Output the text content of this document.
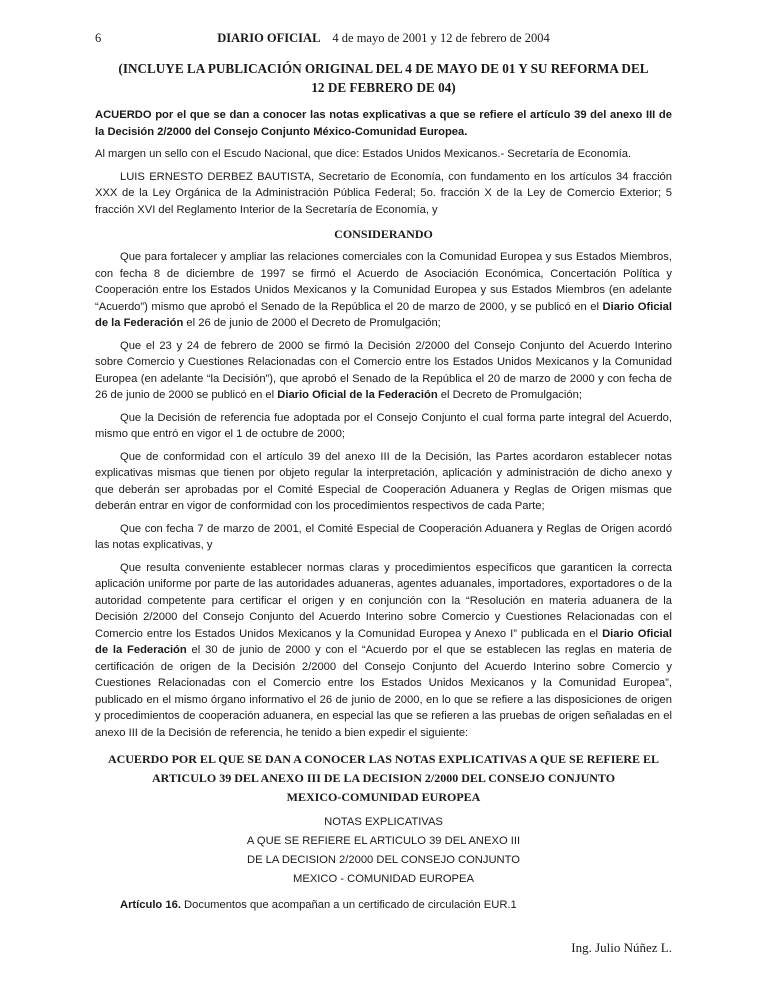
6	DIARIO OFICIAL 4 de mayo de 2001 y 12 de febrero de 2004
(INCLUYE LA PUBLICACIÓN ORIGINAL DEL 4 DE MAYO DE 01 Y SU REFORMA DEL 12 DE FEBRERO DE 04)

ACUERDO por el que se dan a conocer las notas explicativas a que se refiere el artículo 39 del anexo III de la Decisión 2/2000 del Consejo Conjunto México-Comunidad Europea.

Al margen un sello con el Escudo Nacional, que dice: Estados Unidos Mexicanos.- Secretaría de Economía.

LUIS ERNESTO DERBEZ BAUTISTA, Secretario de Economía, con fundamento en los artículos 34 fracción XXX de la Ley Orgánica de la Administración Pública Federal; 5o. fracción X de la Ley de Comercio Exterior; 5 fracción XVI del Reglamento Interior de la Secretaría de Economía, y

CONSIDERANDO

Que para fortalecer y ampliar las relaciones comerciales con la Comunidad Europea y sus Estados Miembros, con fecha 8 de diciembre de 1997 se firmó el Acuerdo de Asociación Económica, Concertación Política y Cooperación entre los Estados Unidos Mexicanos y la Comunidad Europea y sus Estados Miembros (en adelante “Acuerdo”) mismo que aprobó el Senado de la República el 20 de marzo de 2000, y se publicó en el Diario Oficial de la Federación el 26 de junio de 2000 el Decreto de Promulgación;

Que el 23 y 24 de febrero de 2000 se firmó la Decisión 2/2000 del Consejo Conjunto del Acuerdo Interino sobre Comercio y Cuestiones Relacionadas con el Comercio entre los Estados Unidos Mexicanos y la Comunidad Europea (en adelante “la Decisión”), que aprobó el Senado de la República el 20 de marzo de 2000 y con fecha de 26 de junio de 2000 se publicó en el Diario Oficial de la Federación el Decreto de Promulgación;

Que la Decisión de referencia fue adoptada por el Consejo Conjunto el cual forma parte integral del Acuerdo, mismo que entró en vigor el 1 de octubre de 2000;

Que de conformidad con el artículo 39 del anexo III de la Decisión, las Partes acordaron establecer notas explicativas mismas que tienen por objeto regular la interpretación, aplicación y administración de dicho anexo y que deberán ser aprobadas por el Comité Especial de Cooperación Aduanera y Reglas de Origen mismas que deberán entrar en vigor de conformidad con los procedimientos respectivos de cada Parte;

Que con fecha 7 de marzo de 2001, el Comité Especial de Cooperación Aduanera y Reglas de Origen acordó las notas explicativas, y

Que resulta conveniente establecer normas claras y procedimientos específicos que garanticen la correcta aplicación uniforme por parte de las autoridades aduaneras, agentes aduanales, importadores, exportadores o de la autoridad competente para certificar el origen y en conjunción con la “Resolución en materia aduanera de la Decisión 2/2000 del Consejo Conjunto del Acuerdo Interino sobre Comercio y Cuestiones Relacionadas con el Comercio entre los Estados Unidos Mexicanos y la Comunidad Europea y Anexo I” publicada en el Diario Oficial de la Federación el 30 de junio de 2000 y con el “Acuerdo por el que se establecen las reglas en materia de certificación de origen de la Decisión 2/2000 del Consejo Conjunto del Acuerdo Interino sobre Comercio y Cuestiones Relacionadas con el Comercio entre los Estados Unidos Mexicanos y la Comunidad Europea”, publicado en el mismo órgano informativo el 26 de junio de 2000, en lo que se refiere a las disposiciones de origen y procedimientos de cooperación aduanera, en especial las que se refieren a las pruebas de origen señaladas en el anexo III de la Decisión de referencia, he tenido a bien expedir el siguiente:

ACUERDO POR EL QUE SE DAN A CONOCER LAS NOTAS EXPLICATIVAS A QUE SE REFIERE EL
ARTICULO 39 DEL ANEXO III DE LA DECISION 2/2000 DEL CONSEJO CONJUNTO
MEXICO-COMUNIDAD EUROPEA
NOTAS EXPLICATIVAS
A QUE SE REFIERE EL ARTICULO 39 DEL ANEXO III
DE LA DECISION 2/2000 DEL CONSEJO CONJUNTO
MEXICO - COMUNIDAD EUROPEA

Artículo 16. Documentos que acompañan a un certificado de circulación EUR.1

Ing. Julio Núñez L.
